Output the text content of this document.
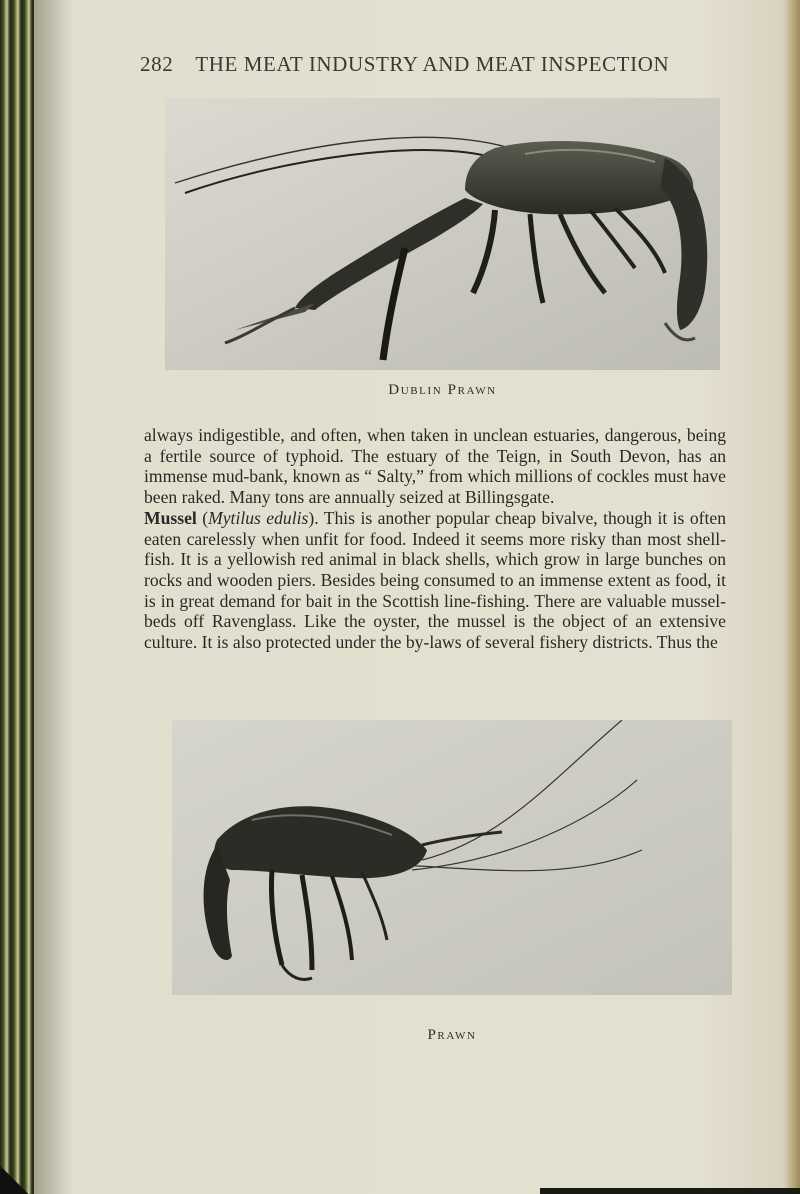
282 THE MEAT INDUSTRY AND MEAT INSPECTION
Dublin Prawn

always indigestible, and often, when taken in unclean estuaries, dangerous, being a fertile source of typhoid. The estuary of the Teign, in South Devon, has an immense mud-bank, known as “ Salty,” from which millions of cockles must have been raked. Many tons are annually seized at Billingsgate.

Mussel (Mytilus edulis). This is another popular cheap bivalve, though it is often eaten carelessly when unfit for food. Indeed it seems more risky than most shell-fish. It is a yellowish red animal in black shells, which grow in large bunches on rocks and wooden piers. Besides being consumed to an immense extent as food, it is in great demand for bait in the Scottish line-fishing. There are valuable mussel-beds off Ravenglass. Like the oyster, the mussel is the object of an extensive culture. It is also protected under the by-laws of several fishery districts. Thus the

Prawn
